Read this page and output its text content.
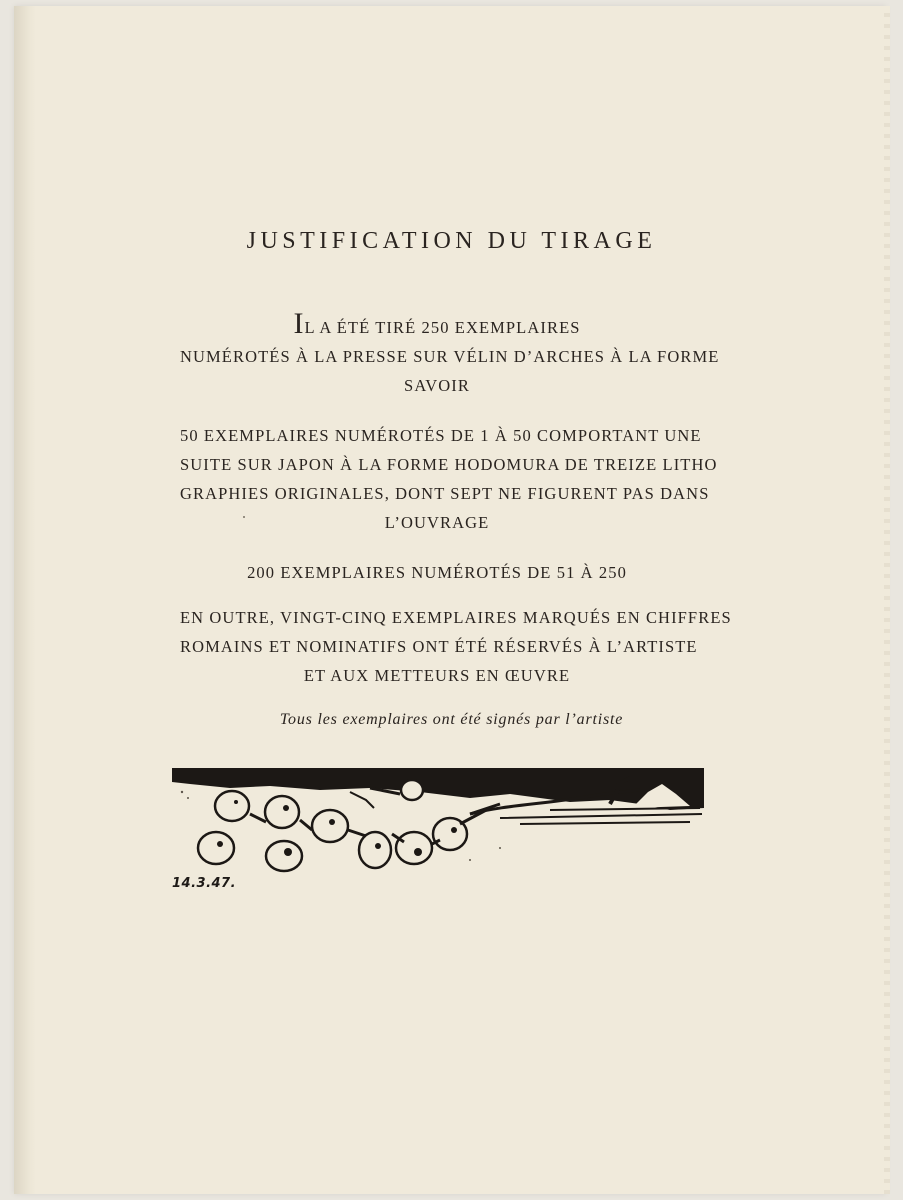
JUSTIFICATION DU TIRAGE
IL A ÉTÉ TIRÉ 250 EXEMPLAIRES
NUMÉROTÉS À LA PRESSE SUR VÉLIN D’ARCHES À LA FORME
SAVOIR
50 EXEMPLAIRES NUMÉROTÉS DE 1 À 50 COMPORTANT UNE
SUITE SUR JAPON À LA FORME HODOMURA DE TREIZE LITHO
GRAPHIES ORIGINALES, DONT SEPT NE FIGURENT PAS DANS
L’OUVRAGE
200 EXEMPLAIRES NUMÉROTÉS DE 51 À 250
EN OUTRE, VINGT-CINQ EXEMPLAIRES MARQUÉS EN CHIFFRES
ROMAINS ET NOMINATIFS ONT ÉTÉ RÉSERVÉS À L’ARTISTE
ET AUX METTEURS EN ŒUVRE
Tous les exemplaires ont été signés par l’artiste
14.3.47.
